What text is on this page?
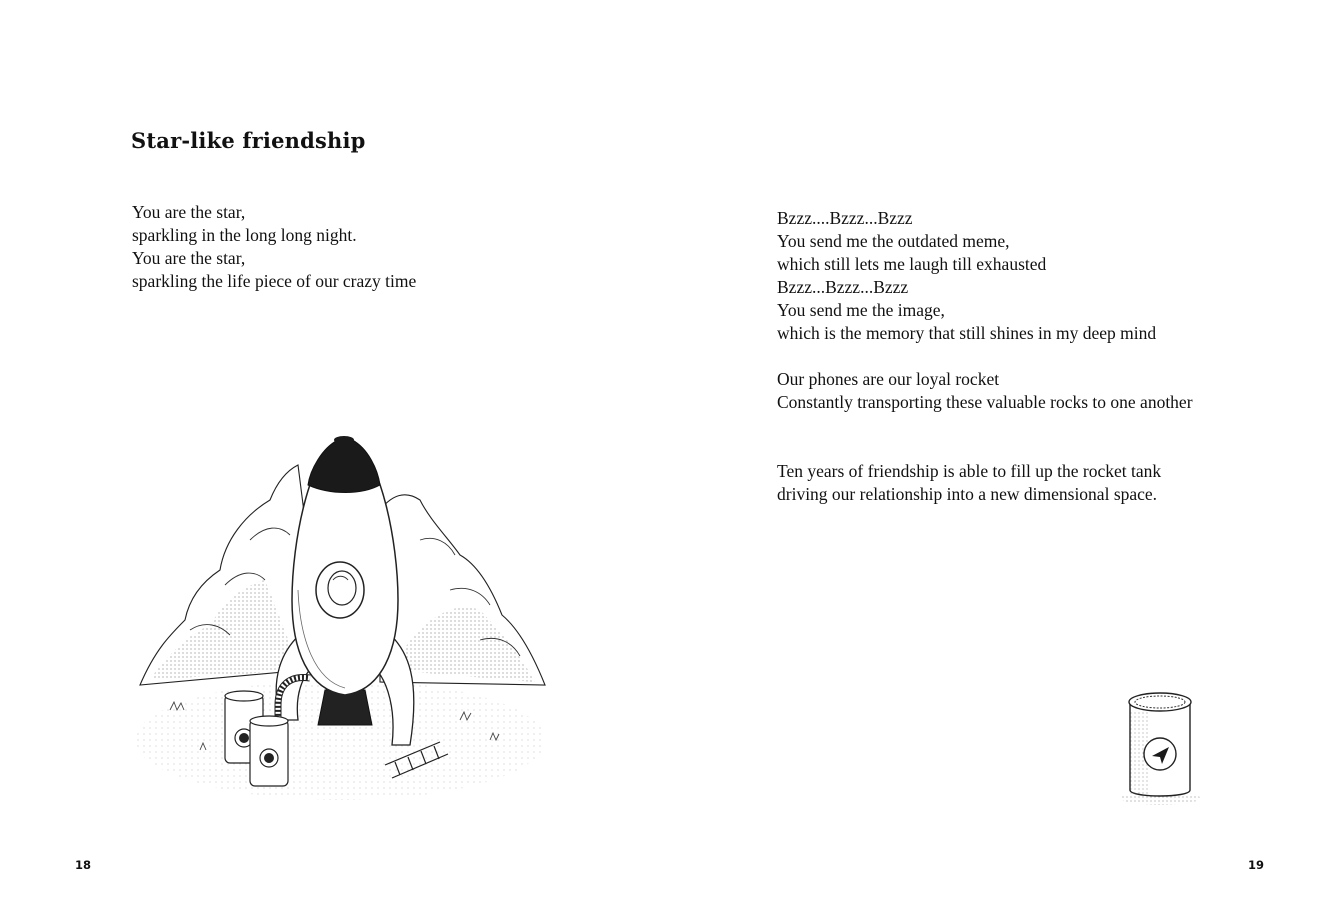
Star-like friendship

You are the star,
sparkling in the long long night.
You are the star,
sparkling the life piece of our crazy time

18

Bzzz....Bzzz...Bzzz
You send me the outdated meme,
which still lets me laugh till exhausted
Bzzz...Bzzz...Bzzz
You send me the image,
which is the memory that still shines in my deep mind

Our phones are our loyal rocket
Constantly transporting these valuable rocks to one another

Ten years of friendship is able to fill up the rocket tank
driving our relationship into a new dimensional space.

19
